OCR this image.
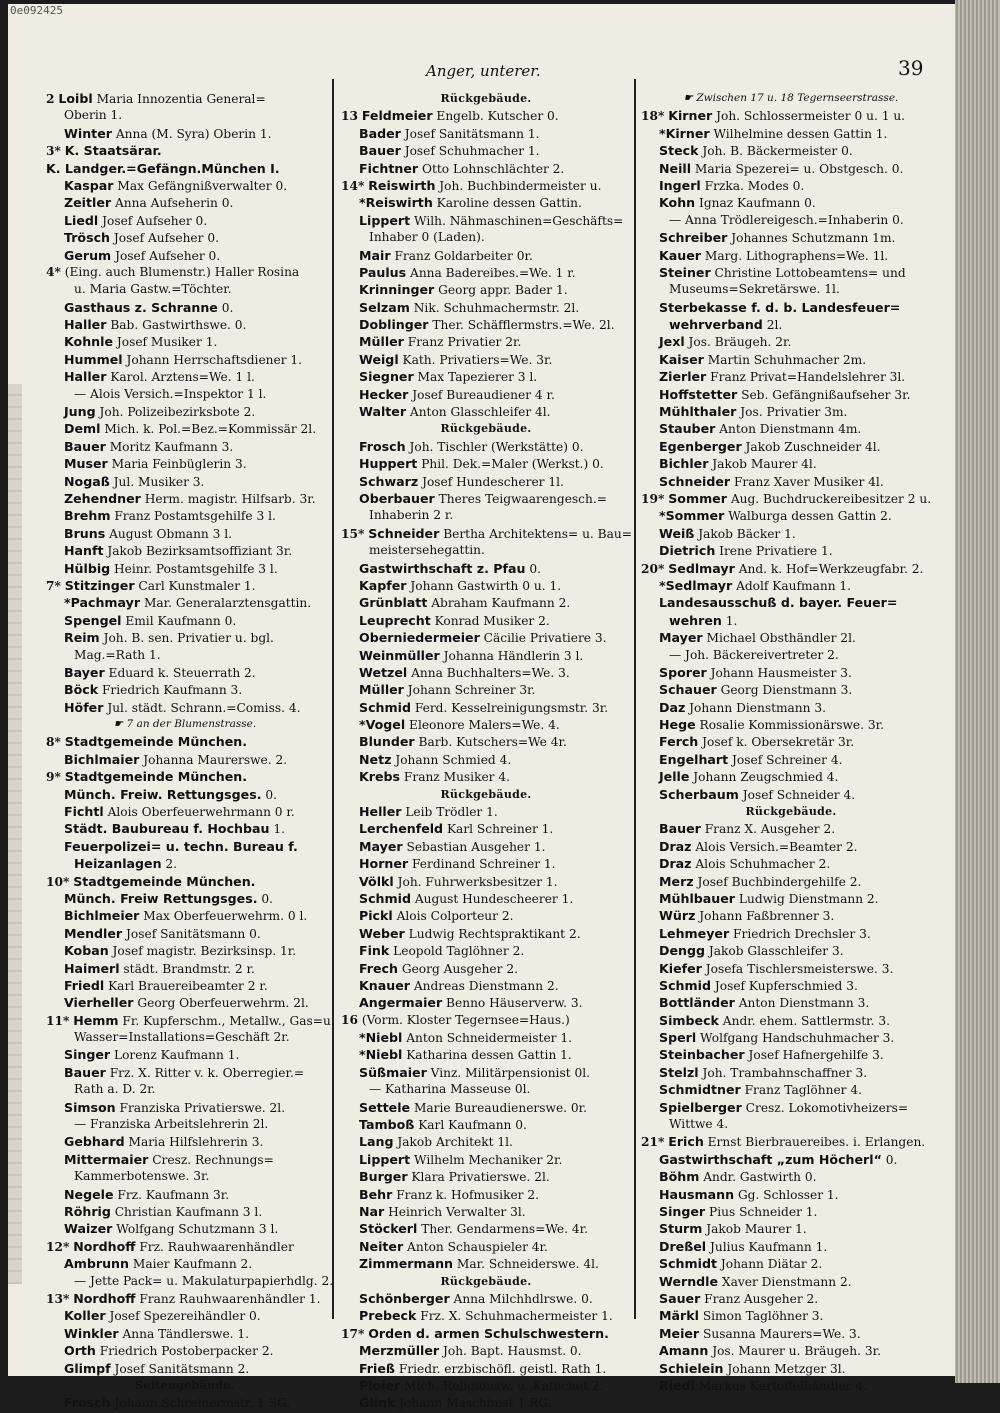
0e092425
Anger, unterer.	39
2 Loibl Maria Innozentia General=
Oberin 1.
Winter Anna (M. Syra) Oberin 1.
3* K. Staatsärar.
K. Landger.=Gefängn.München I.
Kaspar Max Gefängnißverwalter 0.
Zeitler Anna Aufseherin 0.
Liedl Josef Aufseher 0.
Trösch Josef Aufseher 0.
Gerum Josef Aufseher 0.
4* (Eing. auch Blumenstr.) Haller Rosina
u. Maria Gastw.=Töchter.
Gasthaus z. Schranne 0.
Haller Bab. Gastwirthswe. 0.
Kohnle Josef Musiker 1.
Hummel Johann Herrschaftsdiener 1.
Haller Karol. Arztens=We. 1 l.
— Alois Versich.=Inspektor 1 l.
Jung Joh. Polizeibezirksbote 2.
Deml Mich. k. Pol.=Bez.=Kommissär 2l.
Bauer Moritz Kaufmann 3.
Muser Maria Feinbüglerin 3.
Nogaß Jul. Musiker 3.
Zehendner Herm. magistr. Hilfsarb. 3r.
Brehm Franz Postamtsgehilfe 3 l.
Bruns August Obmann 3 l.
Hanft Jakob Bezirksamtsoffiziant 3r.
Hülbig Heinr. Postamtsgehilfe 3 l.
7* Stitzinger Carl Kunstmaler 1.
*Pachmayr Mar. Generalarztensgattin.
Spengel Emil Kaufmann 0.
Reim Joh. B. sen. Privatier u. bgl.
Mag.=Rath 1.
Bayer Eduard k. Steuerrath 2.
Böck Friedrich Kaufmann 3.
Höfer Jul. städt. Schrann.=Comiss. 4.
☛ 7 an der Blumenstrasse.
8* Stadtgemeinde München.
Bichlmaier Johanna Maurerswe. 2.
9* Stadtgemeinde München.
Münch. Freiw. Rettungsges. 0.
Fichtl Alois Oberfeuerwehrmann 0 r.
Städt. Baubureau f. Hochbau 1.
Feuerpolizei= u. techn. Bureau f.
Heizanlagen 2.
10* Stadtgemeinde München.
Münch. Freiw Rettungsges. 0.
Bichlmeier Max Oberfeuerwehrm. 0 l.
Mendler Josef Sanitätsmann 0.
Koban Josef magistr. Bezirksinsp. 1r.
Haimerl städt. Brandmstr. 2 r.
Friedl Karl Brauereibeamter 2 r.
Vierheller Georg Oberfeuerwehrm. 2l.
11* Hemm Fr. Kupferschm., Metallw., Gas=u.
Wasser=Installations=Geschäft 2r.
Singer Lorenz Kaufmann 1.
Bauer Frz. X. Ritter v. k. Oberregier.=
Rath a. D. 2r.
Simson Franziska Privatierswe. 2l.
— Franziska Arbeitslehrerin 2l.
Gebhard Maria Hilfslehrerin 3.
Mittermaier Cresz. Rechnungs=
Kammerbotenswe. 3r.
Negele Frz. Kaufmann 3r.
Röhrig Christian Kaufmann 3 l.
Waizer Wolfgang Schutzmann 3 l.
12* Nordhoff Frz. Rauhwaarenhändler
Ambrunn Maier Kaufmann 2.
— Jette Pack= u. Makulaturpapierhdlg. 2.
13* Nordhoff Franz Rauhwaarenhändler 1.
Koller Josef Spezereihändler 0.
Winkler Anna Tändlerswe. 1.
Orth Friedrich Postoberpacker 2.
Glimpf Josef Sanitätsmann 2.
Seitengebäude.
Frosch Johann Schreinermstr. 1 SG.
Rückgebäude.
13 Feldmeier Engelb. Kutscher 0.
Bader Josef Sanitätsmann 1.
Bauer Josef Schuhmacher 1.
Fichtner Otto Lohnschlächter 2.
14* Reiswirth Joh. Buchbindermeister u.
*Reiswirth Karoline dessen Gattin.
Lippert Wilh. Nähmaschinen=Geschäfts=
Inhaber 0 (Laden).
Mair Franz Goldarbeiter 0r.
Paulus Anna Badereibes.=We. 1 r.
Krinninger Georg appr. Bader 1.
Selzam Nik. Schuhmachermstr. 2l.
Doblinger Ther. Schäfflermstrs.=We. 2l.
Müller Franz Privatier 2r.
Weigl Kath. Privatiers=We. 3r.
Siegner Max Tapezierer 3 l.
Hecker Josef Bureaudiener 4 r.
Walter Anton Glasschleifer 4l.
Rückgebäude.
Frosch Joh. Tischler (Werkstätte) 0.
Huppert Phil. Dek.=Maler (Werkst.) 0.
Schwarz Josef Hundescherer 1l.
Oberbauer Theres Teigwaarengesch.=
Inhaberin 2 r.
15* Schneider Bertha Architektens= u. Bau=
meistersehegattin.
Gastwirthschaft z. Pfau 0.
Kapfer Johann Gastwirth 0 u. 1.
Grünblatt Abraham Kaufmann 2.
Leuprecht Konrad Musiker 2.
Oberniedermeier Cäcilie Privatiere 3.
Weinmüller Johanna Händlerin 3 l.
Wetzel Anna Buchhalters=We. 3.
Müller Johann Schreiner 3r.
Schmid Ferd. Kesselreinigungsmstr. 3r.
*Vogel Eleonore Malers=We. 4.
Blunder Barb. Kutschers=We 4r.
Netz Johann Schmied 4.
Krebs Franz Musiker 4.
Rückgebäude.
Heller Leib Trödler 1.
Lerchenfeld Karl Schreiner 1.
Mayer Sebastian Ausgeher 1.
Horner Ferdinand Schreiner 1.
Völkl Joh. Fuhrwerksbesitzer 1.
Schmid August Hundescheerer 1.
Pickl Alois Colporteur 2.
Weber Ludwig Rechtspraktikant 2.
Fink Leopold Taglöhner 2.
Frech Georg Ausgeher 2.
Knauer Andreas Dienstmann 2.
Angermaier Benno Häuserverw. 3.
16 (Vorm. Kloster Tegernsee=Haus.)
*Niebl Anton Schneidermeister 1.
*Niebl Katharina dessen Gattin 1.
Süßmaier Vinz. Militärpensionist 0l.
— Katharina Masseuse 0l.
Settele Marie Bureaudienerswe. 0r.
Tamboß Karl Kaufmann 0.
Lang Jakob Architekt 1l.
Lippert Wilhelm Mechaniker 2r.
Burger Klara Privatierswe. 2l.
Behr Franz k. Hofmusiker 2.
Nar Heinrich Verwalter 3l.
Stöckerl Ther. Gendarmens=We. 4r.
Neiter Anton Schauspieler 4r.
Zimmermann Mar. Schneiderswe. 4l.
Rückgebäude.
Schönberger Anna Milchhdlrswe. 0.
Prebeck Frz. X. Schuhmachermeister 1.
17* Orden d. armen Schulschwestern.
Merzmüller Joh. Bapt. Hausmst. 0.
Frieß Friedr. erzbischöfl. geistl. Rath 1.
Ploier Mich. Religionsw. u. Katechet 2.
Glink Johann Maschinist 1 RG.
☛ Zwischen 17 u. 18 Tegernseerstrasse.
18* Kirner Joh. Schlossermeister 0 u. 1 u.
*Kirner Wilhelmine dessen Gattin 1.
Steck Joh. B. Bäckermeister 0.
Neill Maria Spezerei= u. Obstgesch. 0.
Ingerl Frzka. Modes 0.
Kohn Ignaz Kaufmann 0.
— Anna Trödlereigesch.=Inhaberin 0.
Schreiber Johannes Schutzmann 1m.
Kauer Marg. Lithographens=We. 1l.
Steiner Christine Lottobeamtens= und
Museums=Sekretärswe. 1l.
Sterbekasse f. d. b. Landesfeuer=
wehrverband 2l.
Jexl Jos. Bräugeh. 2r.
Kaiser Martin Schuhmacher 2m.
Zierler Franz Privat=Handelslehrer 3l.
Hoffstetter Seb. Gefängnißaufseher 3r.
Mühlthaler Jos. Privatier 3m.
Stauber Anton Dienstmann 4m.
Egenberger Jakob Zuschneider 4l.
Bichler Jakob Maurer 4l.
Schneider Franz Xaver Musiker 4l.
19* Sommer Aug. Buchdruckereibesitzer 2 u.
*Sommer Walburga dessen Gattin 2.
Weiß Jakob Bäcker 1.
Dietrich Irene Privatiere 1.
20* Sedlmayr And. k. Hof=Werkzeugfabr. 2.
*Sedlmayr Adolf Kaufmann 1.
Landesausschuß d. bayer. Feuer=
wehren 1.
Mayer Michael Obsthändler 2l.
— Joh. Bäckereivertreter 2.
Sporer Johann Hausmeister 3.
Schauer Georg Dienstmann 3.
Daz Johann Dienstmann 3.
Hege Rosalie Kommissionärswe. 3r.
Ferch Josef k. Obersekretär 3r.
Engelhart Josef Schreiner 4.
Jelle Johann Zeugschmied 4.
Scherbaum Josef Schneider 4.
Rückgebäude.
Bauer Franz X. Ausgeher 2.
Draz Alois Versich.=Beamter 2.
Draz Alois Schuhmacher 2.
Merz Josef Buchbindergehilfe 2.
Mühlbauer Ludwig Dienstmann 2.
Würz Johann Faßbrenner 3.
Lehmeyer Friedrich Drechsler 3.
Dengg Jakob Glasschleifer 3.
Kiefer Josefa Tischlersmeisterswe. 3.
Schmid Josef Kupferschmied 3.
Bottländer Anton Dienstmann 3.
Simbeck Andr. ehem. Sattlermstr. 3.
Sperl Wolfgang Handschuhmacher 3.
Steinbacher Josef Hafnergehilfe 3.
Stelzl Joh. Trambahnschaffner 3.
Schmidtner Franz Taglöhner 4.
Spielberger Cresz. Lokomotivheizers=
Wittwe 4.
21* Erich Ernst Bierbrauereibes. i. Erlangen.
Gastwirthschaft „zum Höcherl“ 0.
Böhm Andr. Gastwirth 0.
Hausmann Gg. Schlosser 1.
Singer Pius Schneider 1.
Sturm Jakob Maurer 1.
Dreßel Julius Kaufmann 1.
Schmidt Johann Diätar 2.
Werndle Xaver Dienstmann 2.
Sauer Franz Ausgeher 2.
Märkl Simon Taglöhner 3.
Meier Susanna Maurers=We. 3.
Amann Jos. Maurer u. Bräugeh. 3r.
Schielein Johann Metzger 3l.
Riedl Markus Kartoffelhändler 4.
